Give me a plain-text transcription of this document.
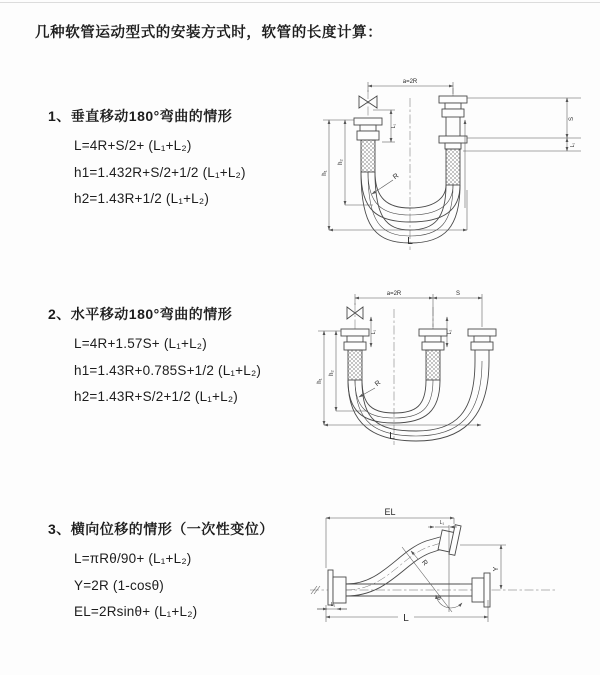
几种软管运动型式的安装方式时，软管的长度计算：
1、垂直移动180°弯曲的情形
L=4R+S/2+ (L₁+L₂)
h1=1.432R+S/2+1/2 (L₁+L₂)
h2=1.43R+1/2 (L₁+L₂)
2、水平移动180°弯曲的情形
L=4R+1.57S+ (L₁+L₂)
h1=1.43R+0.785S+1/2 (L₁+L₂)
h2=1.43R+S/2+1/2 (L₁+L₂)
3、横向位移的情形（一次性变位）
L=πRθ/90+ (L₁+L₂)
Y=2R (1-cosθ)
EL=2Rsinθ+ (L₁+L₂)
a=2R
h₁
h₂
L₁
S
L₁
R
L
a=2R	S
h₁
h₂
L₁	L₂
R
L
θ
R
EL
L₁
Y
L₁
L
